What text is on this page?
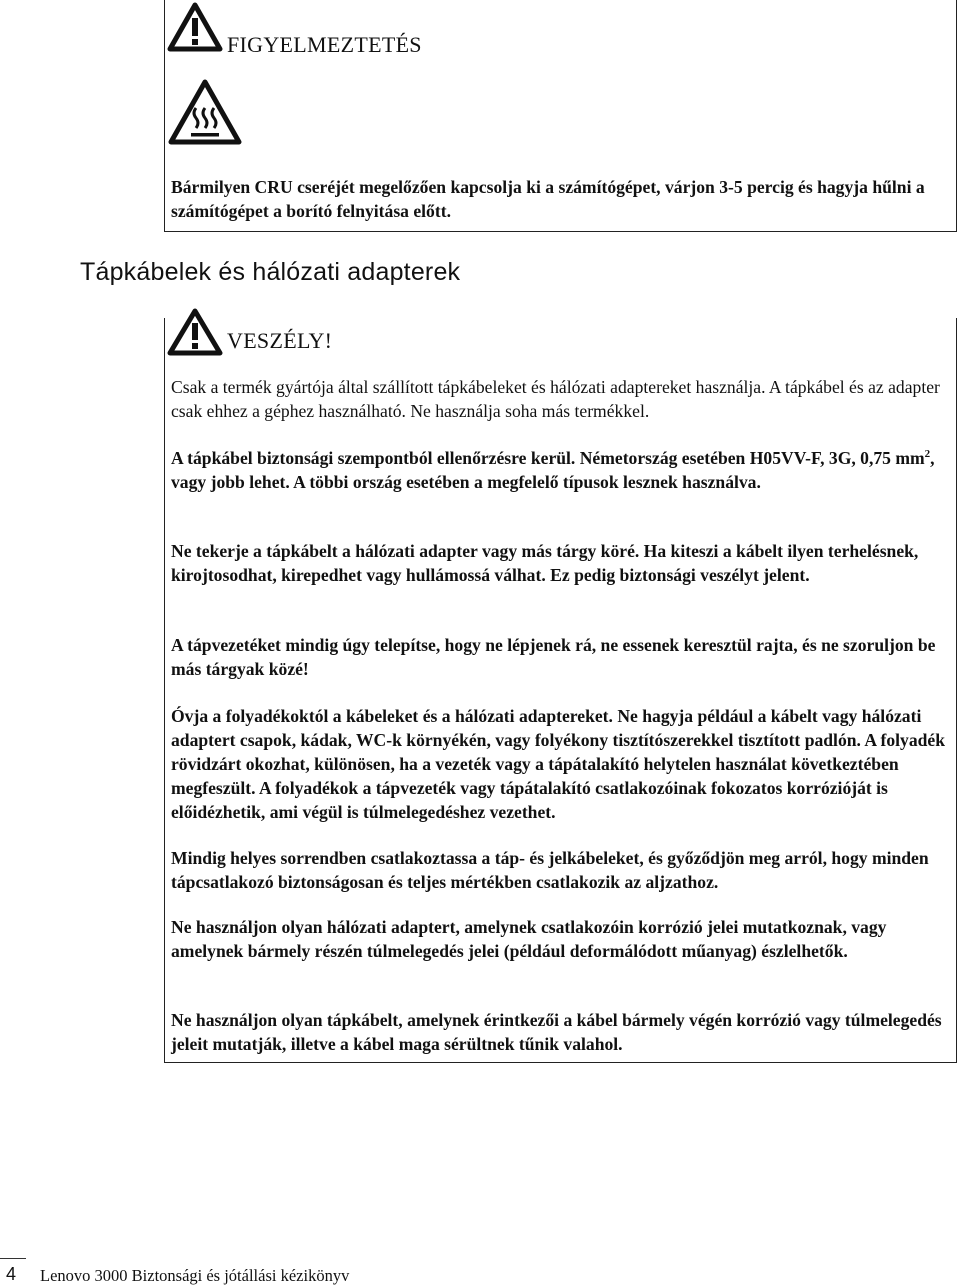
FIGYELMEZTETÉS

Bármilyen CRU cseréjét megelőzően kapcsolja ki a számítógépet, várjon 3-5 percig és hagyja hűlni a számítógépet a borító felnyitása előtt.

Tápkábelek és hálózati adapterek
VESZÉLY!

Csak a termék gyártója által szállított tápkábeleket és hálózati adaptereket használja. A tápkábel és az adapter csak ehhez a géphez használható. Ne használja soha más termékkel.

A tápkábel biztonsági szempontból ellenőrzésre kerül. Németország esetében H05VV-F, 3G, 0,75 $mm^2$, vagy jobb lehet. A többi ország esetében a megfelelő típusok lesznek használva.

Ne tekerje a tápkábelt a hálózati adapter vagy más tárgy köré. Ha kiteszi a kábelt ilyen terhelésnek, kirojtosodhat, kirepedhet vagy hullámossá válhat. Ez pedig biztonsági veszélyt jelent.

A tápvezetéket mindig úgy telepítse, hogy ne lépjenek rá, ne essenek keresztül rajta, és ne szoruljon be más tárgyak közé!

Óvja a folyadékoktól a kábeleket és a hálózati adaptereket. Ne hagyja például a kábelt vagy hálózati adaptert csapok, kádak, WC-k környékén, vagy folyékony tisztítószerekkel tisztított padlón. A folyadék rövidzárt okozhat, különösen, ha a vezeték vagy a tápátalakító helytelen használat következtében megfeszült. A folyadékok a tápvezeték vagy tápátalakító csatlakozóinak fokozatos korrózióját is előidézhetik, ami végül is túlmelegedéshez vezethet.

Mindig helyes sorrendben csatlakoztassa a táp- és jelkábeleket, és győződjön meg arról, hogy minden tápcsatlakozó biztonságosan és teljes mértékben csatlakozik az aljzathoz.

Ne használjon olyan hálózati adaptert, amelynek csatlakozóin korrózió jelei mutatkoznak, vagy amelynek bármely részén túlmelegedés jelei (például deformálódott műanyag) észlelhetők.

Ne használjon olyan tápkábelt, amelynek érintkezői a kábel bármely végén korrózió vagy túlmelegedés jeleit mutatják, illetve a kábel maga sérültnek tűnik valahol.

4 Lenovo 3000 Biztonsági és jótállási kézikönyv
